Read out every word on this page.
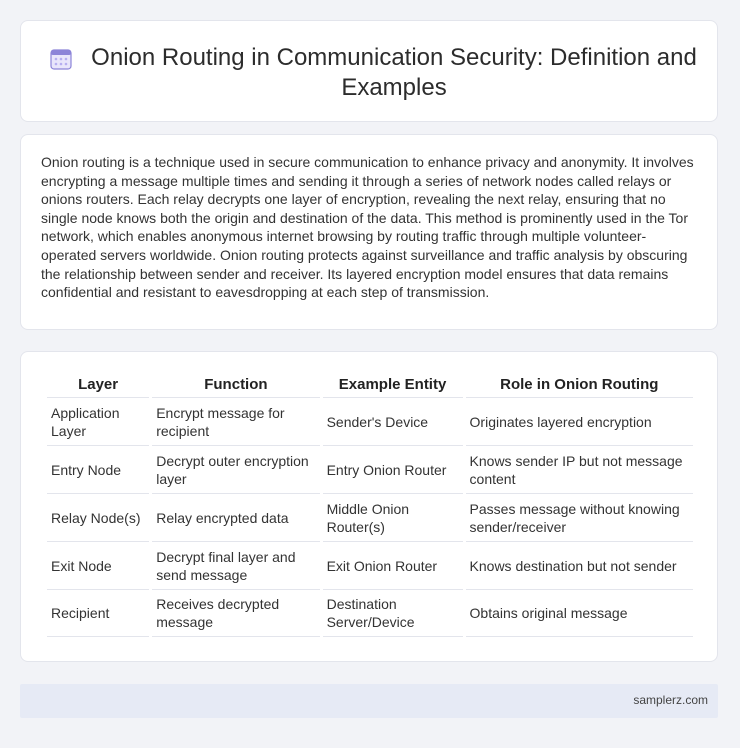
Onion Routing in Communication Security: Definition and Examples

Onion routing is a technique used in secure communication to enhance privacy and anonymity. It involves encrypting a message multiple times and sending it through a series of network nodes called relays or onions routers. Each relay decrypts one layer of encryption, revealing the next relay, ensuring that no single node knows both the origin and destination of the data. This method is prominently used in the Tor network, which enables anonymous internet browsing by routing traffic through multiple volunteer-operated servers worldwide. Onion routing protects against surveillance and traffic analysis by obscuring the relationship between sender and receiver. Its layered encryption model ensures that data remains confidential and resistant to eavesdropping at each step of transmission.

Layer	Function	Example Entity	Role in Onion Routing
Application Layer	Encrypt message for recipient	Sender's Device	Originates layered encryption
Entry Node	Decrypt outer encryption layer	Entry Onion Router	Knows sender IP but not message content
Relay Node(s)	Relay encrypted data	Middle Onion Router(s)	Passes message without knowing sender/receiver
Exit Node	Decrypt final layer and send message	Exit Onion Router	Knows destination but not sender
Recipient	Receives decrypted message	Destination Server/Device	Obtains original message
samplerz.com
